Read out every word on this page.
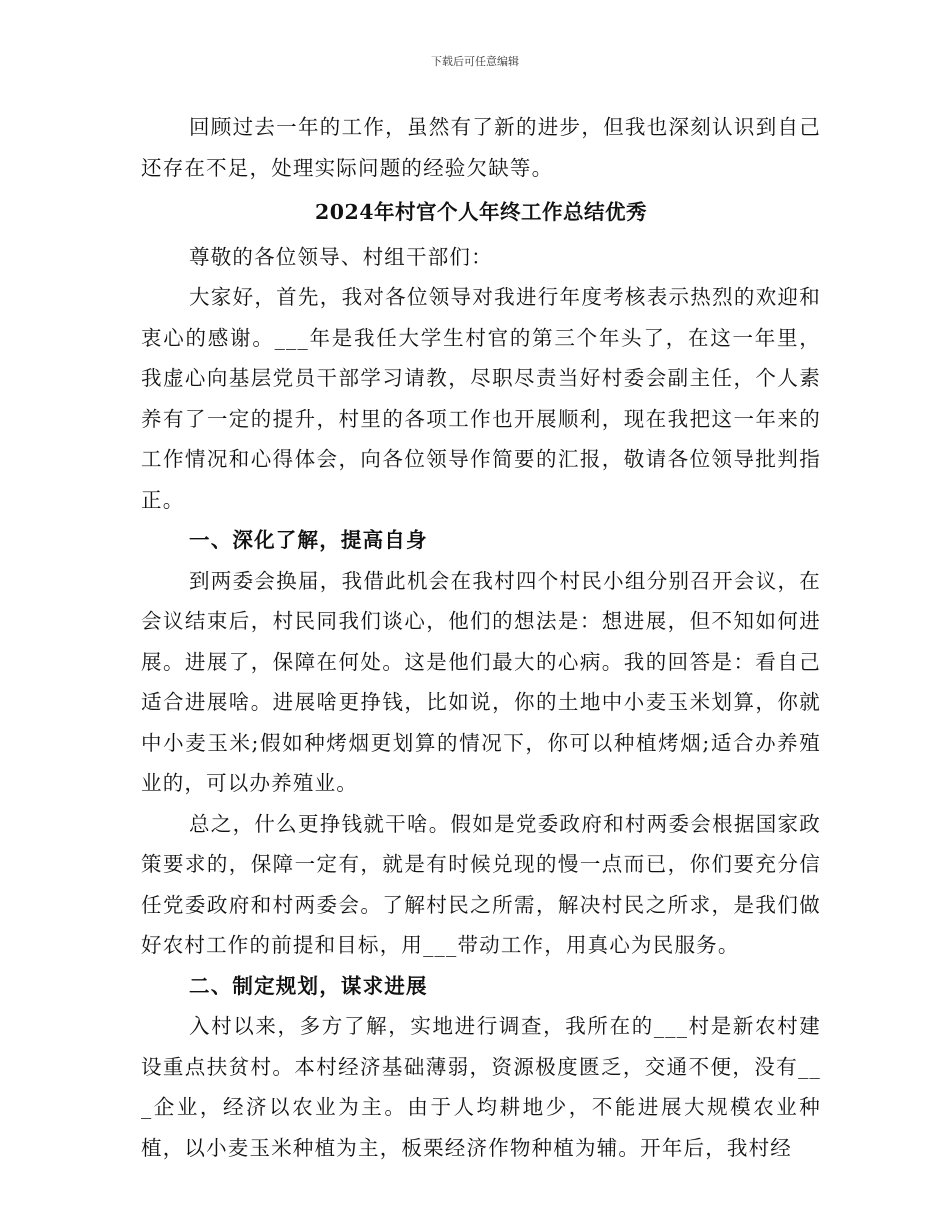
下载后可任意编辑

回顾过去一年的工作，虽然有了新的进步，但我也深刻认识到自己还存在不足，处理实际问题的经验欠缺等。

2024年村官个人年终工作总结优秀

尊敬的各位领导、村组干部们：

大家好，首先，我对各位领导对我进行年度考核表示热烈的欢迎和衷心的感谢。___年是我任大学生村官的第三个年头了，在这一年里，我虚心向基层党员干部学习请教，尽职尽责当好村委会副主任，个人素养有了一定的提升，村里的各项工作也开展顺利，现在我把这一年来的工作情况和心得体会，向各位领导作简要的汇报，敬请各位领导批判指正。

一、深化了解，提高自身

到两委会换届，我借此机会在我村四个村民小组分别召开会议，在会议结束后，村民同我们谈心，他们的想法是：想进展，但不知如何进展。进展了，保障在何处。这是他们最大的心病。我的回答是：看自己适合进展啥。进展啥更挣钱，比如说，你的土地中小麦玉米划算，你就中小麦玉米;假如种烤烟更划算的情况下，你可以种植烤烟;适合办养殖业的，可以办养殖业。

总之，什么更挣钱就干啥。假如是党委政府和村两委会根据国家政策要求的，保障一定有，就是有时候兑现的慢一点而已，你们要充分信任党委政府和村两委会。了解村民之所需，解决村民之所求，是我们做好农村工作的前提和目标，用___带动工作，用真心为民服务。

二、制定规划，谋求进展

入村以来，多方了解，实地进行调查，我所在的___村是新农村建设重点扶贫村。本村经济基础薄弱，资源极度匮乏，交通不便，没有___企业，经济以农业为主。由于人均耕地少，不能进展大规模农业种植，以小麦玉米种植为主，板栗经济作物种植为辅。开年后，我村经
